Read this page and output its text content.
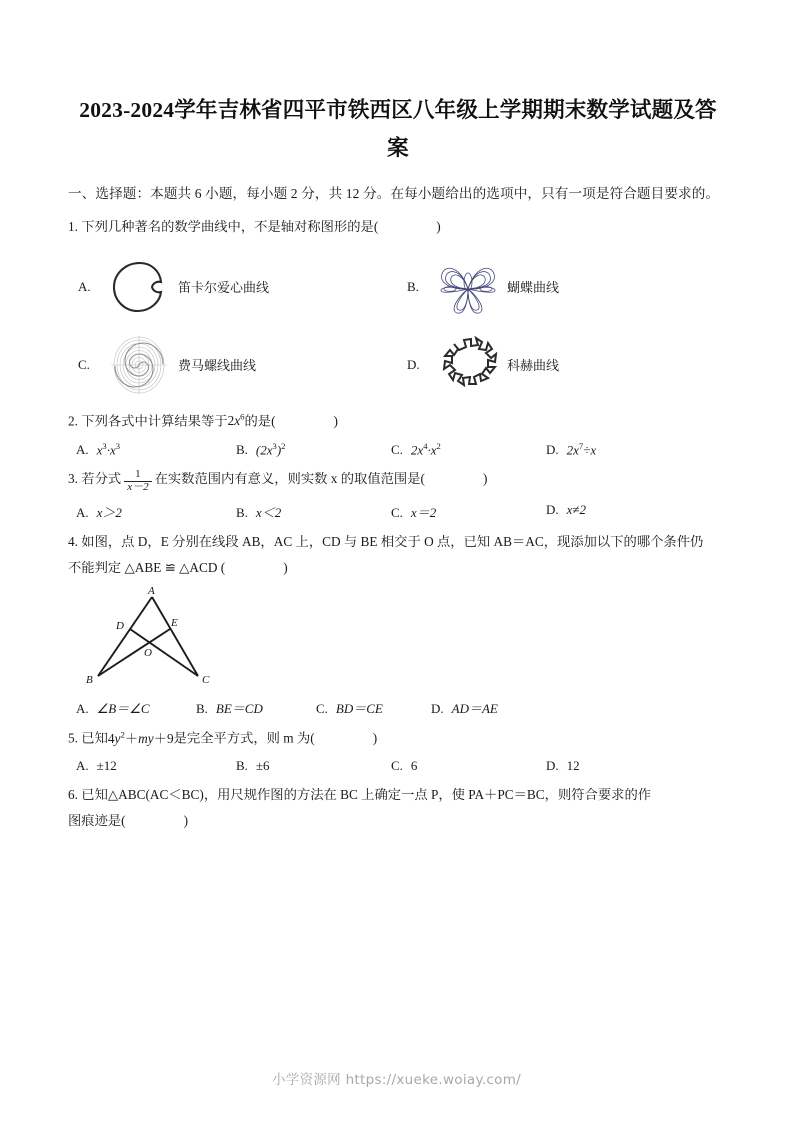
2023-2024学年吉林省四平市铁西区八年级上学期期末数学试题及答案

一、选择题：本题共 6 小题，每小题 2 分，共 12 分。在每小题给出的选项中，只有一项是符合题目要求的。

1. 下列几种著名的数学曲线中，不是轴对称图形的是(	)

A.	笛卡尔爱心曲线	B.	蝴蝶曲线
C.	费马螺线曲线	D.	科赫曲线

2. 下列各式中计算结果等于$2x^6$的是(	)

A. $x^3\cdot x^3$	B. $(2x^3)^2$	C. $2x^4\cdot x^2$	D. $2x^7\div x$

3. 若分式 $\frac{1}{x-2}$ 在实数范围内有意义，则实数 x 的取值范围是(	)

A. x＞2	B. x＜2	C. x＝2	D. x≠2

4. 如图，点 D，E 分别在线段 AB，AC 上，CD 与 BE 相交于 O 点，已知 AB＝AC，现添加以下的哪个条件仍

不能判定 △ABE ≌ △ACD (	)

A
D	E
O
B	C
A. ∠B＝∠C	B. BE＝CD	C. BD＝CE	D. AD＝AE

5. 已知$4y^2+my+9$是完全平方式，则 m 为(	)

A. ±12	B. ±6	C. 6	D. 12

6. 已知△ABC(AC＜BC)，用尺规作图的方法在 BC 上确定一点 P，使 PA＋PC＝BC，则符合要求的作

图痕迹是(	)

小学资源网 https://xueke.woiay.com/
